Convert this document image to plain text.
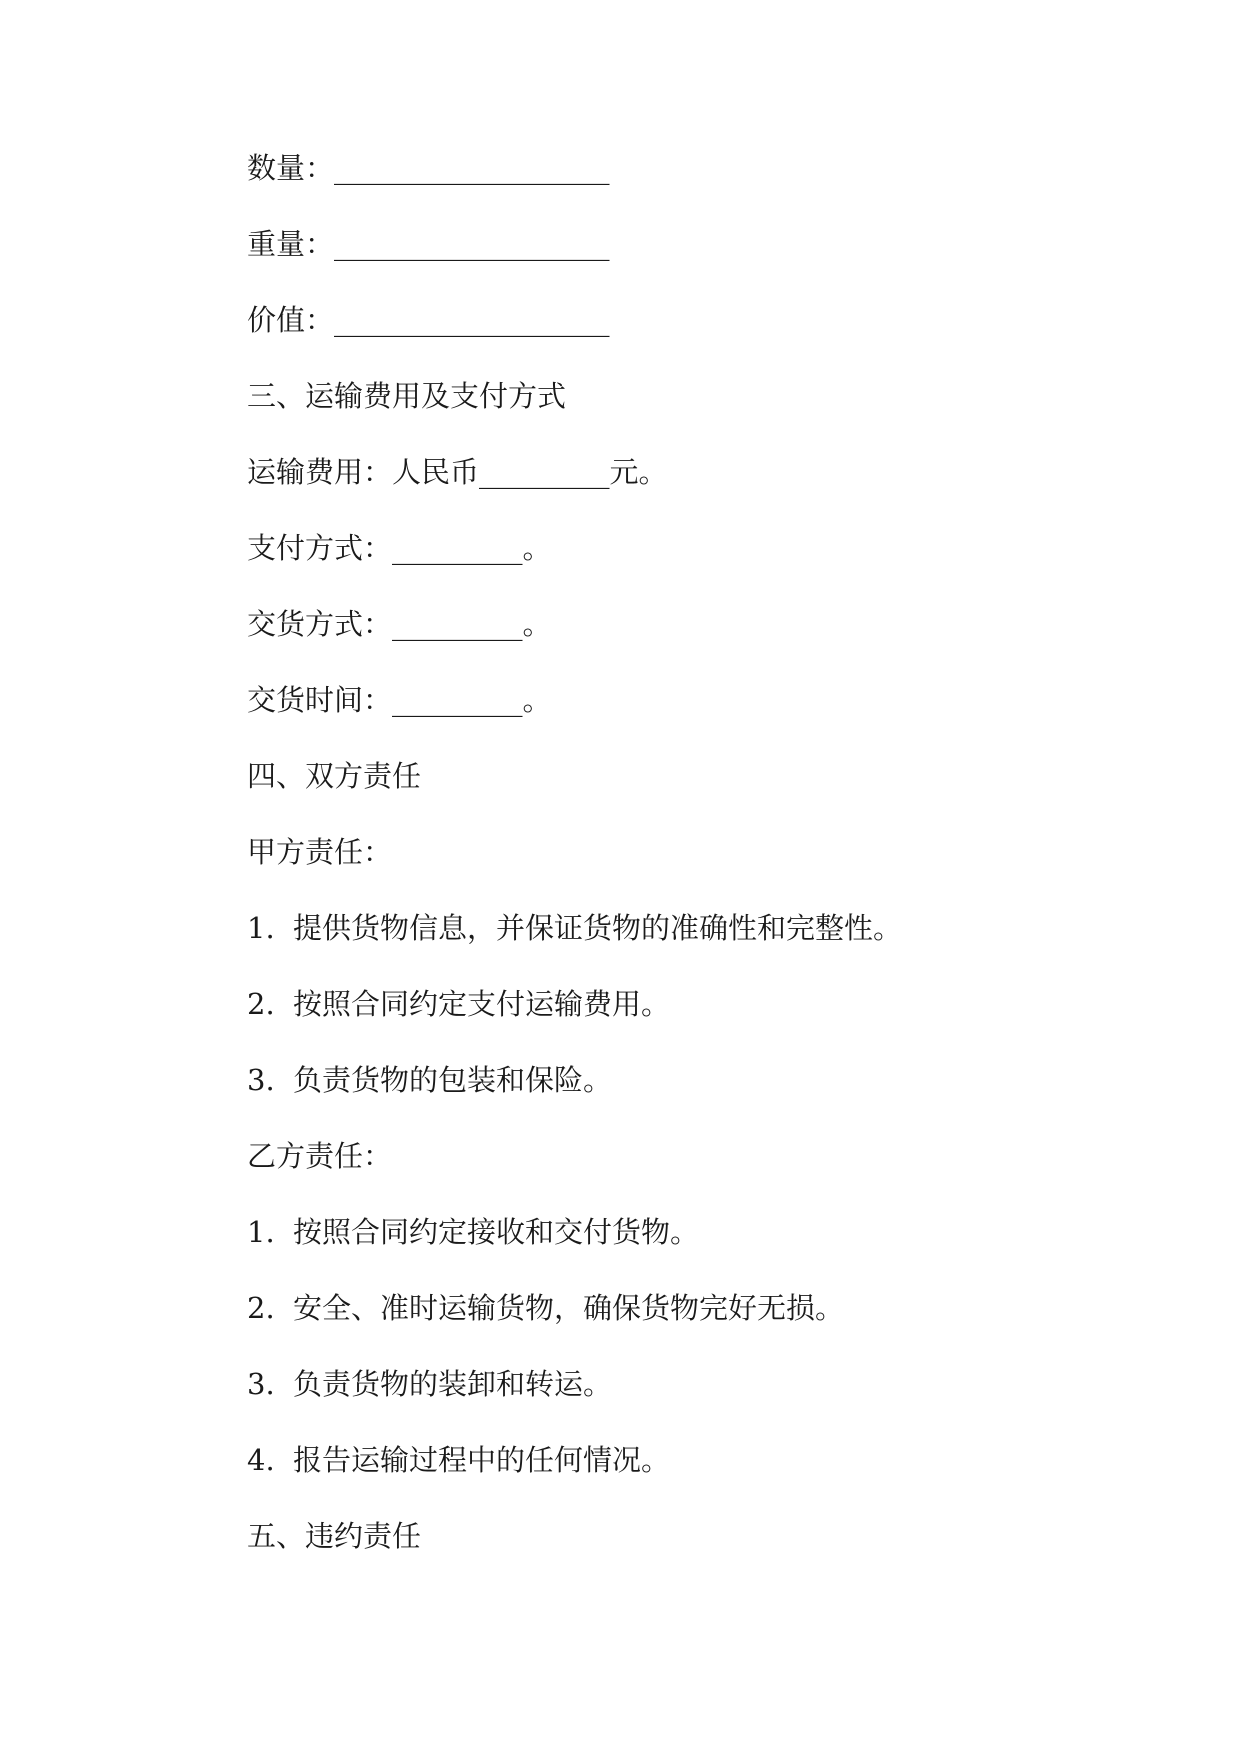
数量：___________________

重量：___________________

价值：___________________

三、运输费用及支付方式

运输费用：人民币_________元。

支付方式：_________。

交货方式：_________。

交货时间：_________。

四、双方责任

甲方责任：

1. 提供货物信息，并保证货物的准确性和完整性。

2. 按照合同约定支付运输费用。

3. 负责货物的包装和保险。

乙方责任：

1. 按照合同约定接收和交付货物。

2. 安全、准时运输货物，确保货物完好无损。

3. 负责货物的装卸和转运。

4. 报告运输过程中的任何情况。

五、违约责任
